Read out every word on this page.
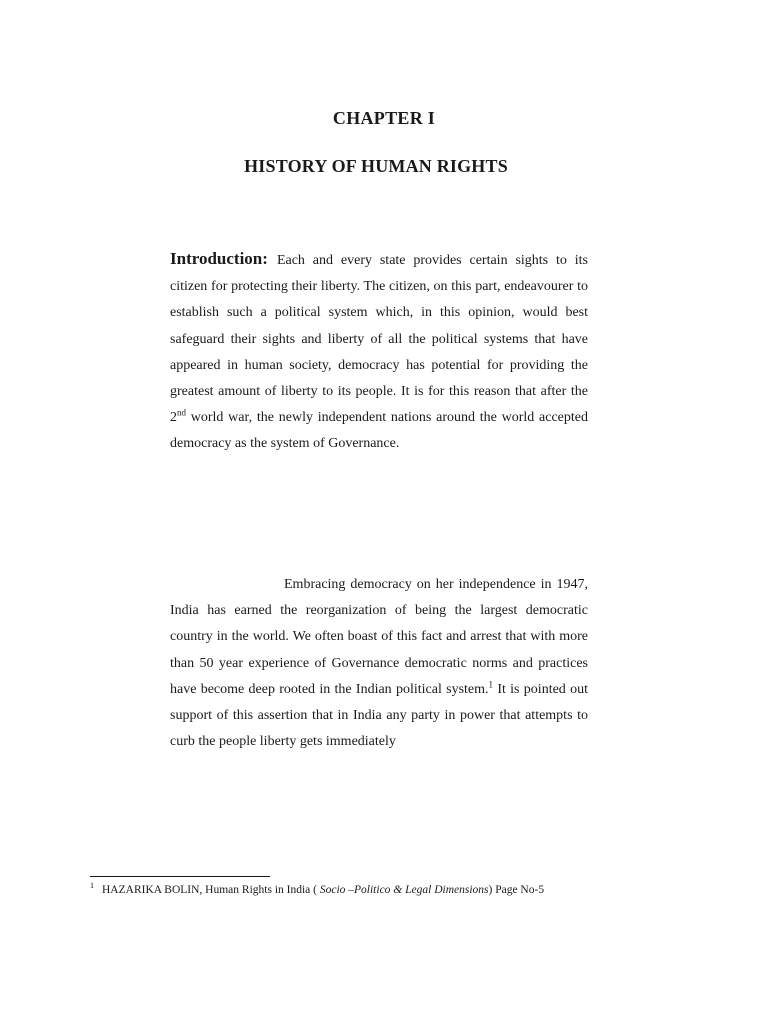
CHAPTER I
HISTORY OF HUMAN RIGHTS

Introduction: Each and every state provides certain sights to its citizen for protecting their liberty. The citizen, on this part, endeavourer to establish such a political system which, in this opinion, would best safeguard their sights and liberty of all the political systems that have appeared in human society, democracy has potential for providing the greatest amount of liberty to its people. It is for this reason that after the 2nd world war, the newly independent nations around the world accepted democracy as the system of Governance.

Embracing democracy on her independence in 1947, India has earned the reorganization of being the largest democratic country in the world. We often boast of this fact and arrest that with more than 50 year experience of Governance democratic norms and practices have become deep rooted in the Indian political system.$^1$ It is pointed out support of this assertion that in India any party in power that attempts to curb the people liberty gets immediately

$^1$ HAZARIKA BOLIN, Human Rights in India ( Socio –Politico & Legal Dimensions) Page No-5
